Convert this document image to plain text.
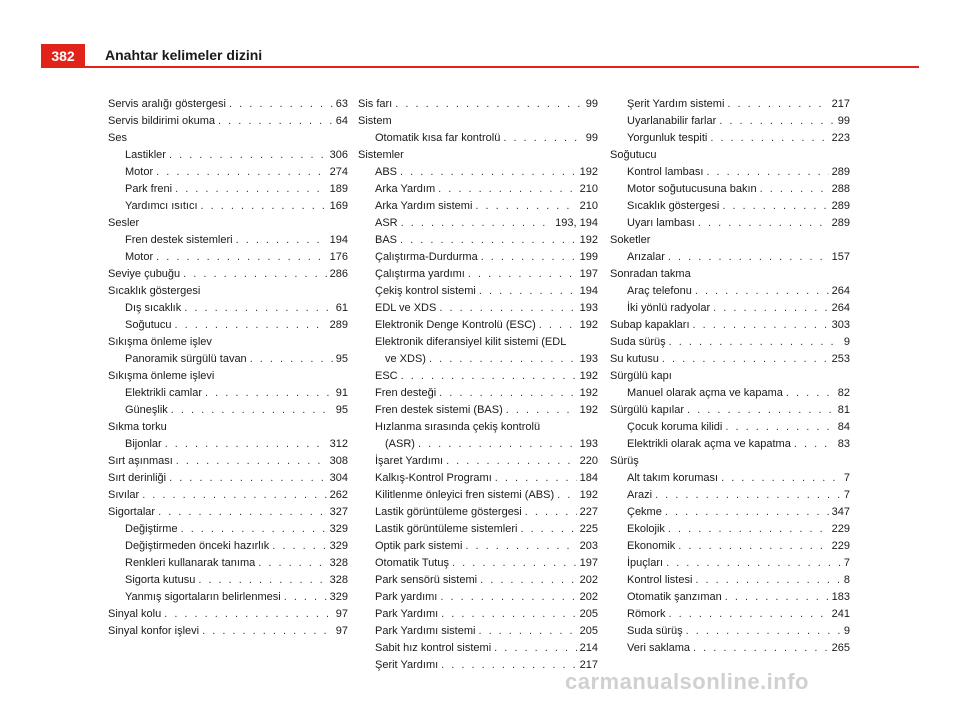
382	Anahtar kelimeler dizini
Servis aralığı göstergesi . . .	63
Servis bildirimi okuma . . .	64
Ses
Lastikler . . .	306
Motor . . .	274
Park freni . . .	189
Yardımcı ısıtıcı . . .	169
Sesler
Fren destek sistemleri . . .	194
Motor . . .	176
Seviye çubuğu . . .	286
Sıcaklık göstergesi
Dış sıcaklık . . .	61
Soğutucu . . .	289
Sıkışma önleme işlev
Panoramik sürgülü tavan . . .	95
Sıkışma önleme işlevi
Elektrikli camlar . . .	91
Güneşlik . . .	95
Sıkma torku
Bijonlar . . .	312
Sırt aşınması . . .	308
Sırt derinliği . . .	304
Sıvılar . . .	262
Sigortalar . . .	327
Değiştirme . . .	329
Değiştirmeden önceki hazırlık . . .	329
Renkleri kullanarak tanıma . . .	328
Sigorta kutusu . . .	328
Yanmış sigortaların belirlenmesi . . .	329
Sinyal kolu . . .	97
Sinyal konfor işlevi . . .	97
Sis farı . . .	99
Sistem
Otomatik kısa far kontrolü . . .	99
Sistemler
ABS . . .	192
Arka Yardım . . .	210
Arka Yardım sistemi . . .	210
ASR . . .	193, 194
BAS . . .	192
Çalıştırma-Durdurma . . .	199
Çalıştırma yardımı . . .	197
Çekiş kontrol sistemi . . .	194
EDL ve XDS . . .	193
Elektronik Denge Kontrolü (ESC) . . .	192
Elektronik diferansiyel kilit sistemi (EDL
ve XDS) . . .	193
ESC . . .	192
Fren desteği . . .	192
Fren destek sistemi (BAS) . . .	192
Hızlanma sırasında çekiş kontrolü
(ASR) . . .	193
İşaret Yardımı . . .	220
Kalkış-Kontrol Programı . . .	184
Kilitlenme önleyici fren sistemi (ABS) . . . 192
Lastik görüntüleme göstergesi . . .	227
Lastik görüntüleme sistemleri . . .	225
Optik park sistemi . . .	203
Otomatik Tutuş . . .	197
Park sensörü sistemi . . .	202
Park yardımı . . .	202
Park Yardımı . . .	205
Park Yardımı sistemi . . .	205
Sabit hız kontrol sistemi . . .	214
Şerit Yardımı . . .	217
Şerit Yardım sistemi . . .	217
Uyarlanabilir farlar . . .	99
Yorgunluk tespiti . . .	223
Soğutucu
Kontrol lambası . . .	289
Motor soğutucusuna bakın . . .	288
Sıcaklık göstergesi . . .	289
Uyarı lambası . . .	289
Soketler
Arızalar . . .	157
Sonradan takma
Araç telefonu . . .	264
İki yönlü radyolar . . .	264
Subap kapakları . . .	303
Suda sürüş . . .	9
Su kutusu . . .	253
Sürgülü kapı
Manuel olarak açma ve kapama . . .	82
Sürgülü kapılar . . .	81
Çocuk koruma kilidi . . .	84
Elektrikli olarak açma ve kapatma . . .	83
Sürüş
Alt takım koruması . . .	7
Arazi . . .	7
Çekme . . .	347
Ekolojik . . .	229
Ekonomik . . .	229
İpuçları . . .	7
Kontrol listesi . . .	8
Otomatik şanzıman . . .	183
Römork . . .	241
Suda sürüş . . .	9
Veri saklama . . .	265
carmanualsonline.info
